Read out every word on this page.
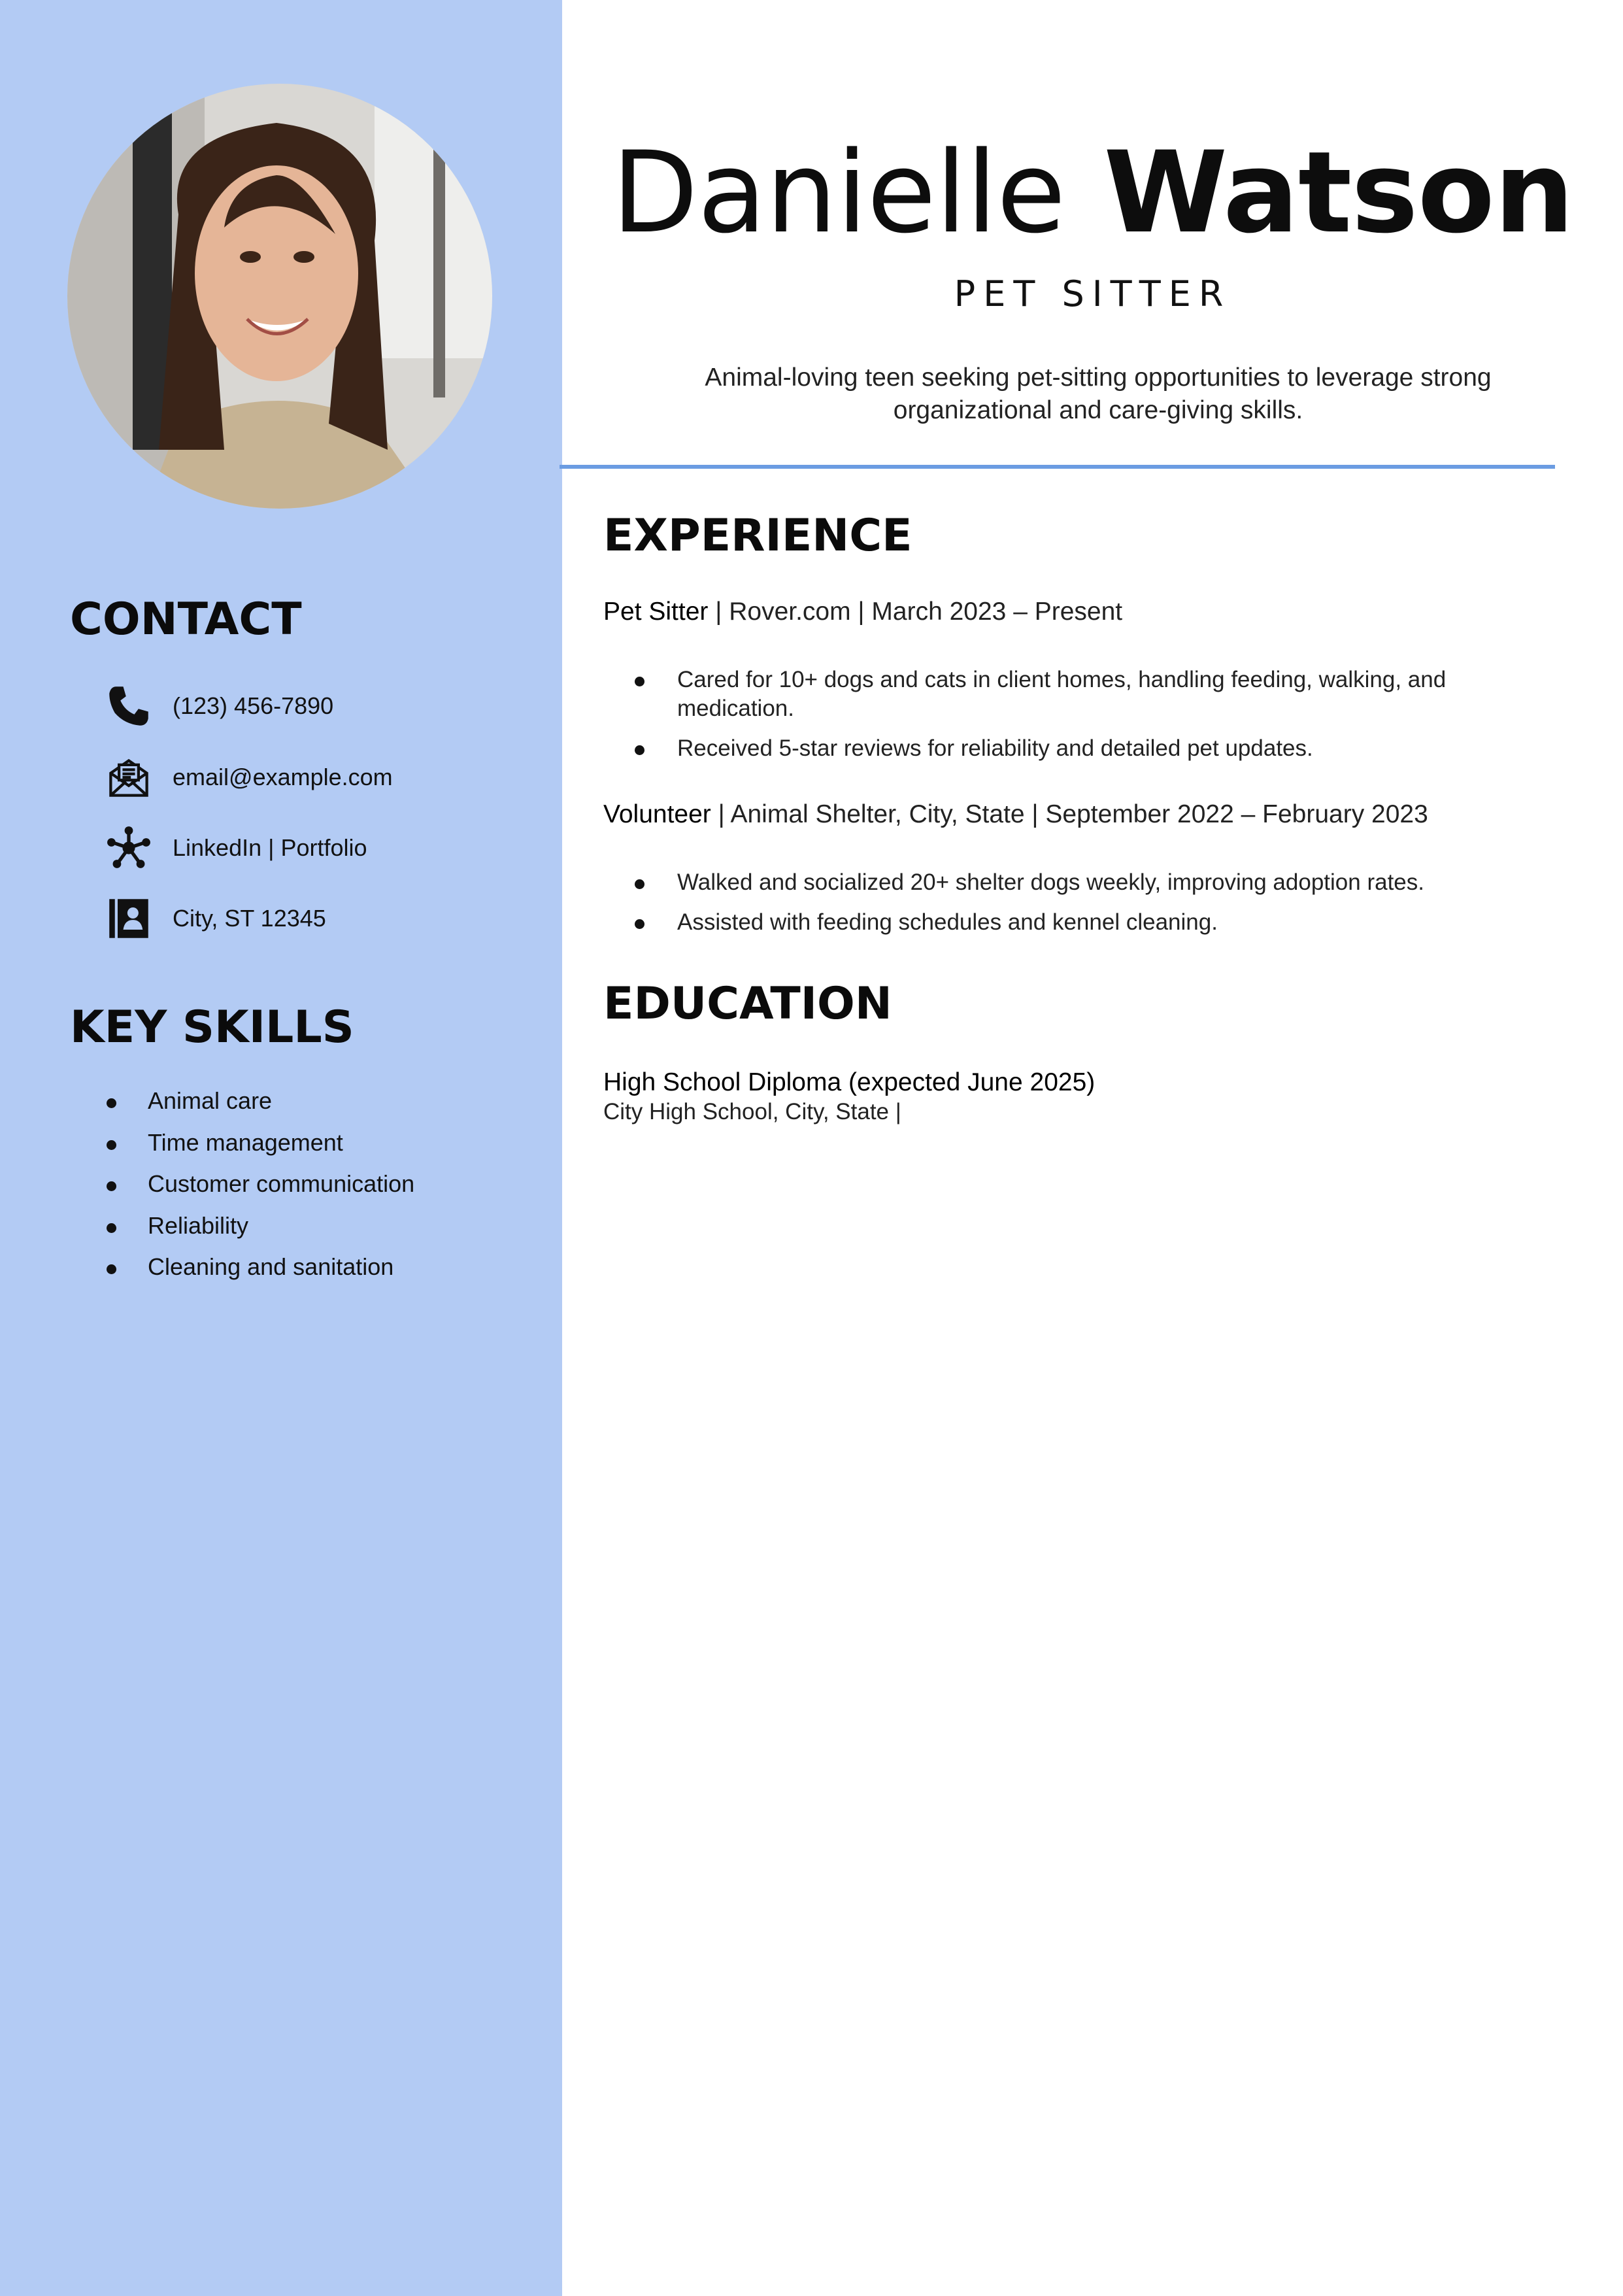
CONTACT
(123) 456-7890
email@example.com
LinkedIn | Portfolio
City, ST 12345
KEY SKILLS
Animal care
Time management
Customer communication
Reliability
Cleaning and sanitation
Danielle Watson
PET SITTER
Animal-loving teen seeking pet-sitting opportunities to leverage strong organizational and care-giving skills.
EXPERIENCE
Pet Sitter | Rover.com | March 2023 – Present
Cared for 10+ dogs and cats in client homes, handling feeding, walking, and medication.
Received 5-star reviews for reliability and detailed pet updates.
Volunteer | Animal Shelter, City, State | September 2022 – February 2023
Walked and socialized 20+ shelter dogs weekly, improving adoption rates.
Assisted with feeding schedules and kennel cleaning.
EDUCATION
High School Diploma (expected June 2025)
City High School, City, State |
